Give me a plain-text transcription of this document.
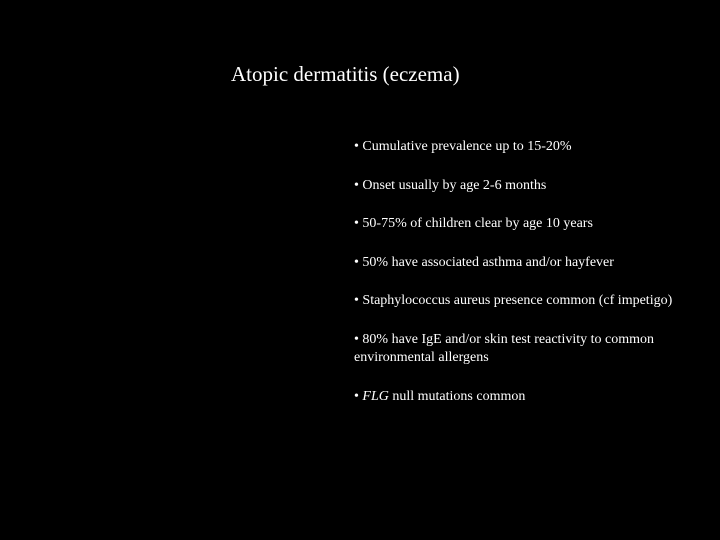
Atopic dermatitis (eczema)
• Cumulative prevalence up to 15-20%
• Onset usually by age 2-6 months
• 50-75% of children clear by age 10 years
• 50% have associated asthma and/or hayfever
• Staphylococcus aureus presence common (cf impetigo)
• 80% have IgE and/or skin test reactivity to common environmental allergens
• FLG null mutations common
